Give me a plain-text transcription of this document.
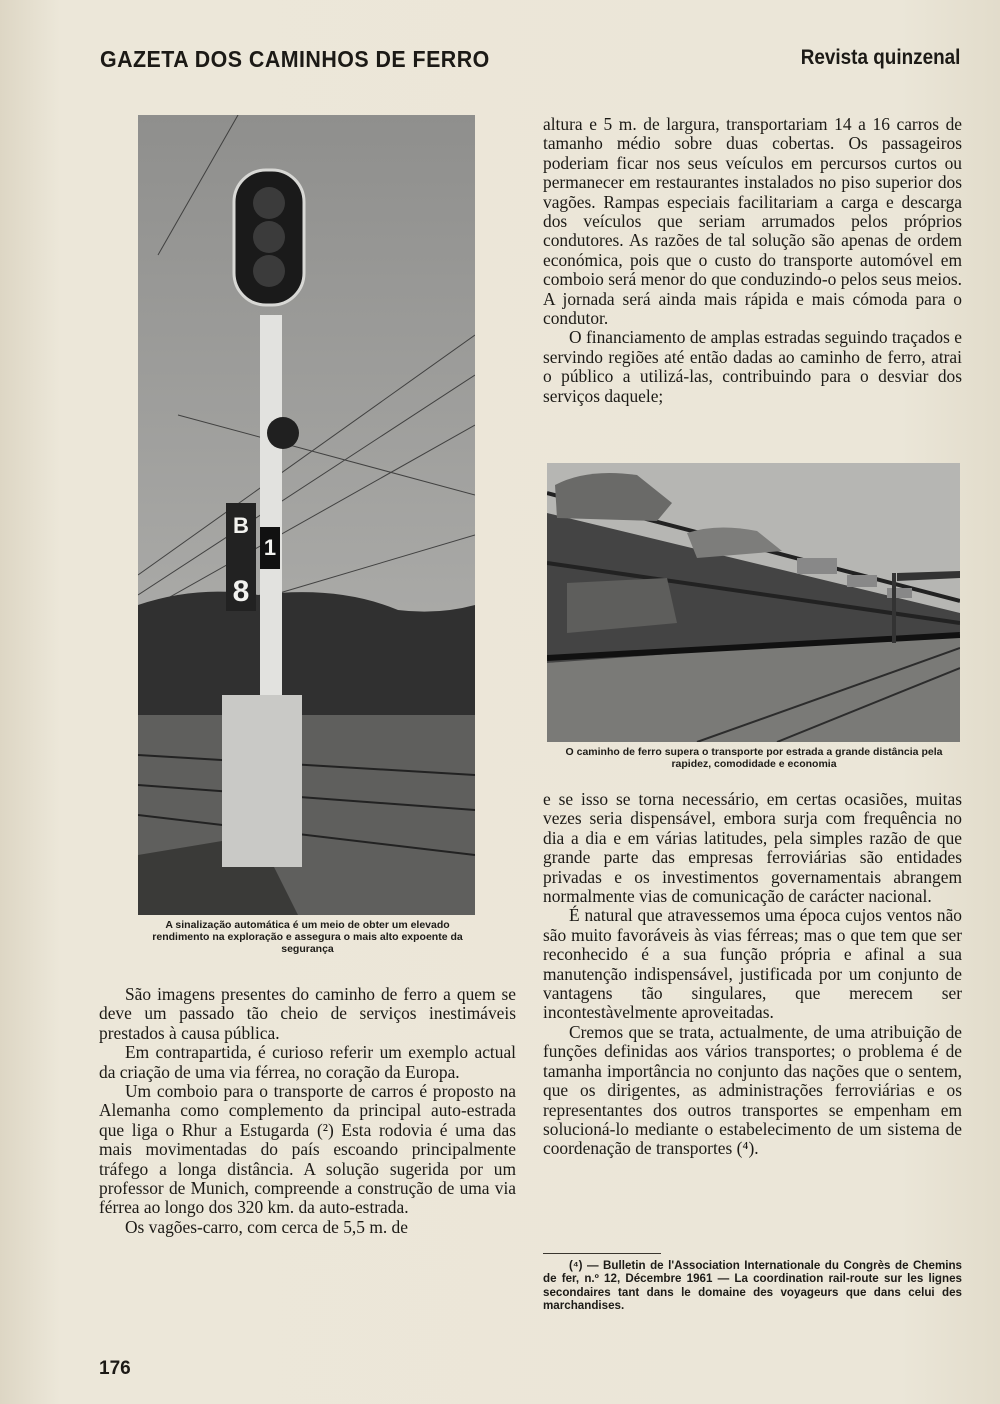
GAZETA DOS CAMINHOS DE FERRO	Revista quinzenal
B
1
8
A sinalização automática é um meio de obter um elevado rendimento na exploração e assegura o mais alto expoente da segurança
O caminho de ferro supera o transporte por estrada a grande distância pela rapidez, comodidade e economia

São imagens presentes do caminho de ferro a quem se deve um passado tão cheio de serviços inestimáveis prestados à causa pública.

Em contrapartida, é curioso referir um exemplo actual da criação de uma via férrea, no coração da Europa.

Um comboio para o transporte de carros é proposto na Alemanha como complemento da principal auto-estrada que liga o Rhur a Estugarda (²) Esta rodovia é uma das mais movimentadas do país escoando principalmente tráfego a longa distância. A solução sugerida por um professor de Munich, compreende a construção de uma via férrea ao longo dos 320 km. da auto-estrada.

Os vagões-carro, com cerca de 5,5 m. de

altura e 5 m. de largura, transportariam 14 a 16 carros de tamanho médio sobre duas cobertas. Os passageiros poderiam ficar nos seus veículos em percursos curtos ou permanecer em restaurantes instalados no piso superior dos vagões. Rampas especiais facilitariam a carga e descarga dos veículos que seriam arrumados pelos próprios condutores. As razões de tal solução são apenas de ordem económica, pois que o custo do transporte automóvel em comboio será menor do que conduzindo-o pelos seus meios. A jornada será ainda mais rápida e mais cómoda para o condutor.

O financiamento de amplas estradas seguindo traçados e servindo regiões até então dadas ao caminho de ferro, atrai o público a utilizá-las, contribuindo para o desviar dos serviços daquele;

e se isso se torna necessário, em certas ocasiões, muitas vezes seria dispensável, embora surja com frequência no dia a dia e em várias latitudes, pela simples razão de que grande parte das empresas ferroviárias são entidades privadas e os investimentos governamentais abrangem normalmente vias de comunicação de carácter nacional.

É natural que atravessemos uma época cujos ventos não são muito favoráveis às vias férreas; mas o que tem que ser reconhecido é a sua função própria e afinal a sua manutenção indispensável, justificada por um conjunto de vantagens tão singulares, que merecem ser incontestàvelmente aproveitadas.

Cremos que se trata, actualmente, de uma atribuição de funções definidas aos vários transportes; o problema é de tamanha importância no conjunto das nações que o sentem, que os dirigentes, as administrações ferroviárias e os representantes dos outros transportes se empenham em solucioná-lo mediante o estabelecimento de um sistema de coordenação de transportes (⁴).

(⁴) — Bulletin de l'Association Internationale du Congrès de Chemins de fer, n.º 12, Décembre 1961 — La coordination rail-route sur les lignes secondaires tant dans le domaine des voyageurs que dans celui des marchandises.

176
